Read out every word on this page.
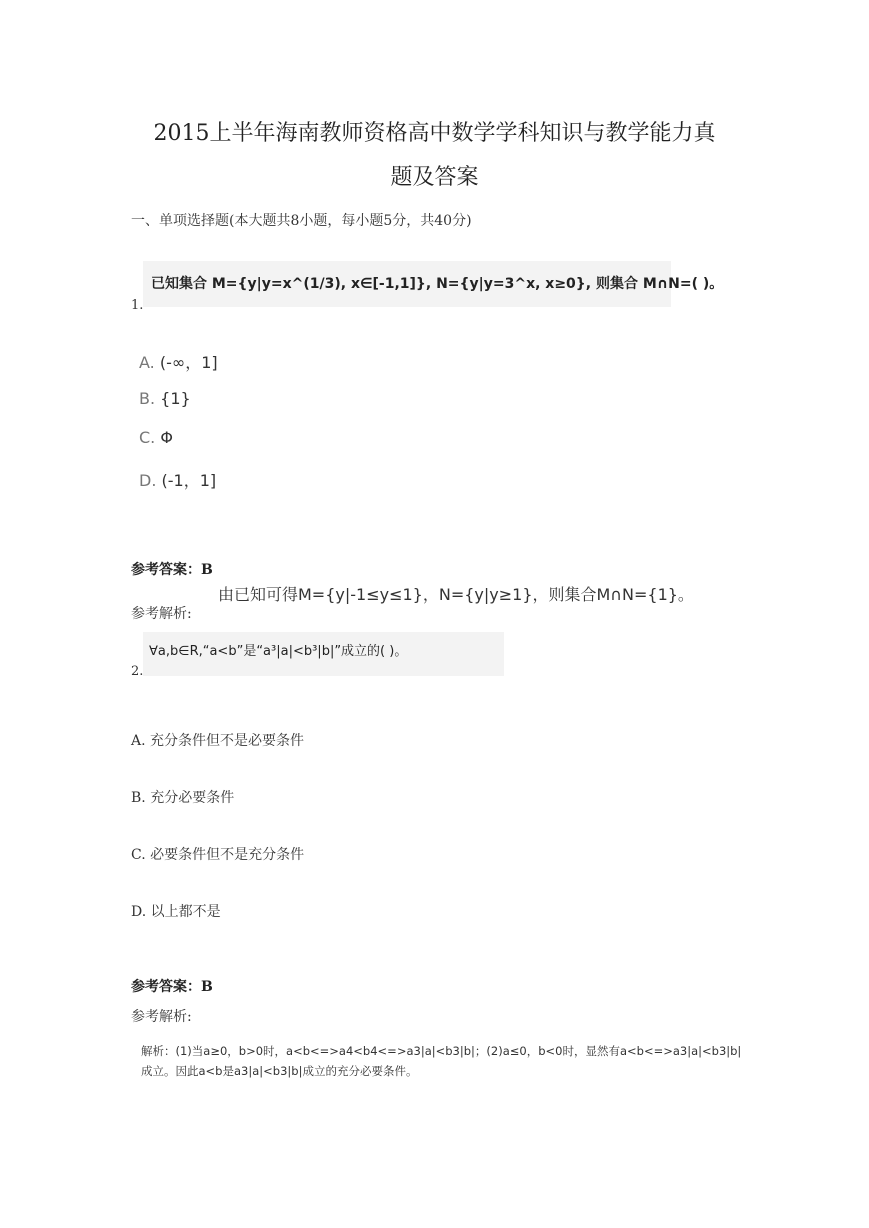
2015上半年海南教师资格高中数学学科知识与教学能力真
题及答案
一、单项选择题(本大题共8小题，每小题5分，共40分)
已知集合 M={y|y=x^(1/3), x∈[-1,1]}, N={y|y=3^x, x≥0}, 则集合 M∩N=( )。
1.
A. (-∞，1]
B. {1}
C. Φ
D. (-1，1]
参考答案：B
由已知可得M={y|-1≤y≤1}，N={y|y≥1}，则集合M∩N={1}。
参考解析:
∀a,b∈R,“a<b”是“a³|a|<b³|b|”成立的( )。
2.
A. 充分条件但不是必要条件
B. 充分必要条件
C. 必要条件但不是充分条件
D. 以上都不是
参考答案：B
参考解析:
解析：(1)当a≥0，b>0时，a<b<=>a4<b4<=>a3|a|<b3|b|；(2)a≤0，b<0时，显然有a<b<=>a3|a|<b3|b|
成立。因此a<b是a3|a|<b3|b|成立的充分必要条件。
